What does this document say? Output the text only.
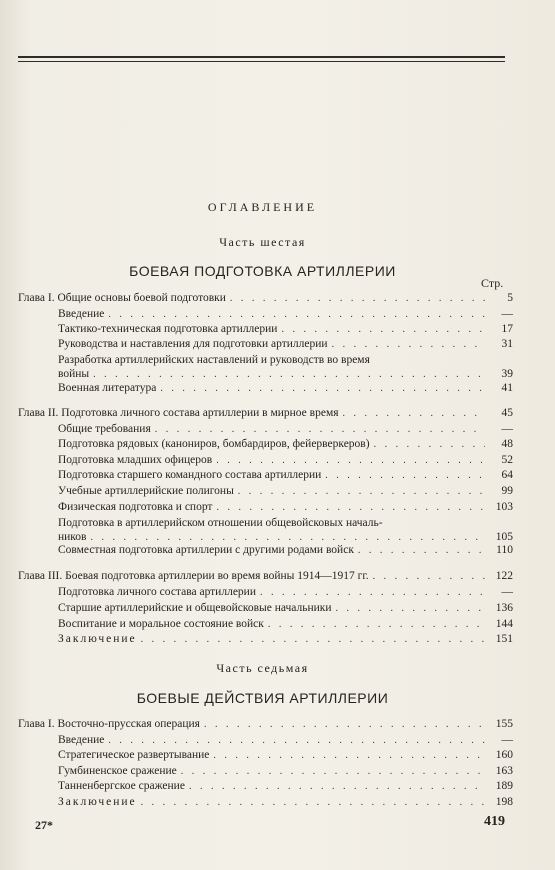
ОГЛАВЛЕНИЕ
Часть шестая
БОЕВАЯ ПОДГОТОВКА АРТИЛЛЕРИИ
Стр.
Глава I. Общие основы боевой подготовки . . .	5
Введение . . .	—
Тактико-техническая подготовка артиллерии . . .	17
Руководства и наставления для подготовки артиллерии . . .	31
Разработка артиллерийских наставлений и руководств во время
войны . . .	39
Военная литература . . .	41
Глава II. Подготовка личного состава артиллерии в мирное время . . .	45
Общие требования . . .	—
Подготовка рядовых (канониров, бомбардиров, фейерверкеров) . . .	48
Подготовка младших офицеров . . .	52
Подготовка старшего командного состава артиллерии . . .	64
Учебные артиллерийские полигоны . . .	99
Физическая подготовка и спорт . . .	103
Подготовка в артиллерийском отношении общевойсковых началь-
ников . . .	105
Совместная подготовка артиллерии с другими родами войск . . .	110
Глава III. Боевая подготовка артиллерии во время войны 1914—1917 гг. . . .	122
Подготовка личного состава артиллерии . . .	—
Старшие артиллерийские и общевойсковые начальники . . .	136
Воспитание и моральное состояние войск . . .	144
Заключение . . .	151
Часть седьмая
БОЕВЫЕ ДЕЙСТВИЯ АРТИЛЛЕРИИ
Глава I. Восточно-прусская операция . . .	155
Введение . . .	—
Стратегическое развертывание . . .	160
Гумбиненское сражение . . .	163
Танненбергское сражение . . .	189
Заключение . . .	198
27*	419
